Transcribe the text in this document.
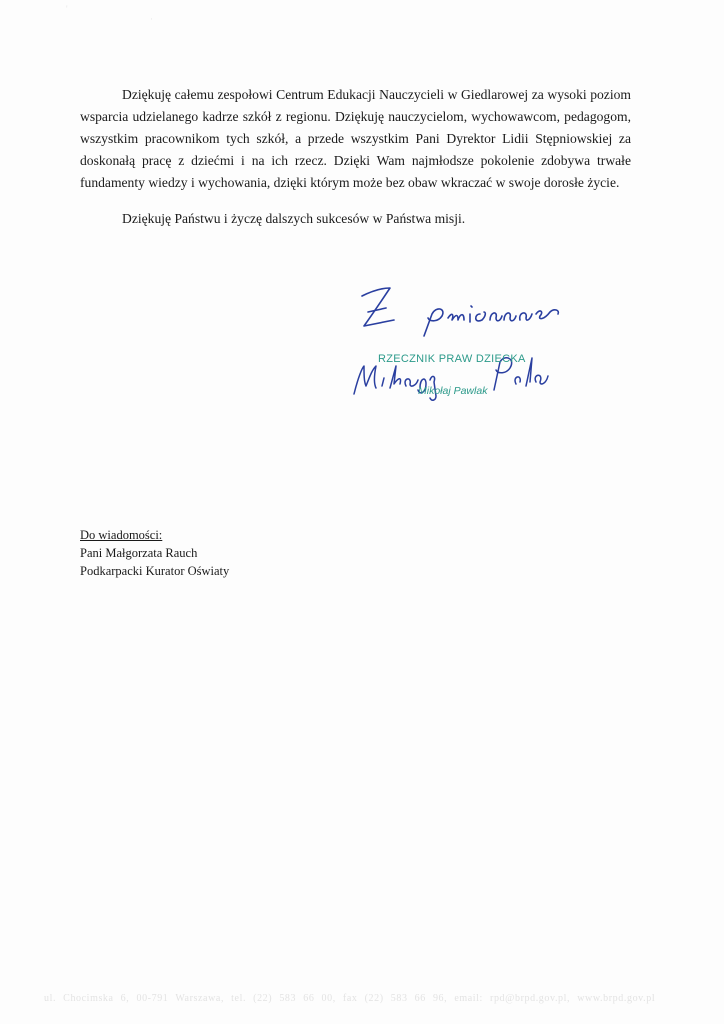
'
·

Dziękuję całemu zespołowi Centrum Edukacji Nauczycieli w Giedlarowej za wysoki poziom wsparcia udzielanego kadrze szkół z regionu. Dziękuję nauczycielom, wychowawcom, pedagogom, wszystkim pracownikom tych szkół, a przede wszystkim Pani Dyrektor Lidii Stępniowskiej za doskonałą pracę z dziećmi i na ich rzecz. Dzięki Wam najmłodsze pokolenie zdobywa trwałe fundamenty wiedzy i wychowania, dzięki którym może bez obaw wkraczać w swoje dorosłe życie.

Dziękuję Państwu i życzę dalszych sukcesów w Państwa misji.

RZECZNIK PRAW DZIECKA
Mikołaj Pawlak
Do wiadomości:
Pani Małgorzata Rauch
Podkarpacki Kurator Oświaty
ul. Chocimska 6, 00-791 Warszawa, tel. (22) 583 66 00, fax (22) 583 66 96, email: rpd@brpd.gov.pl, www.brpd.gov.pl
